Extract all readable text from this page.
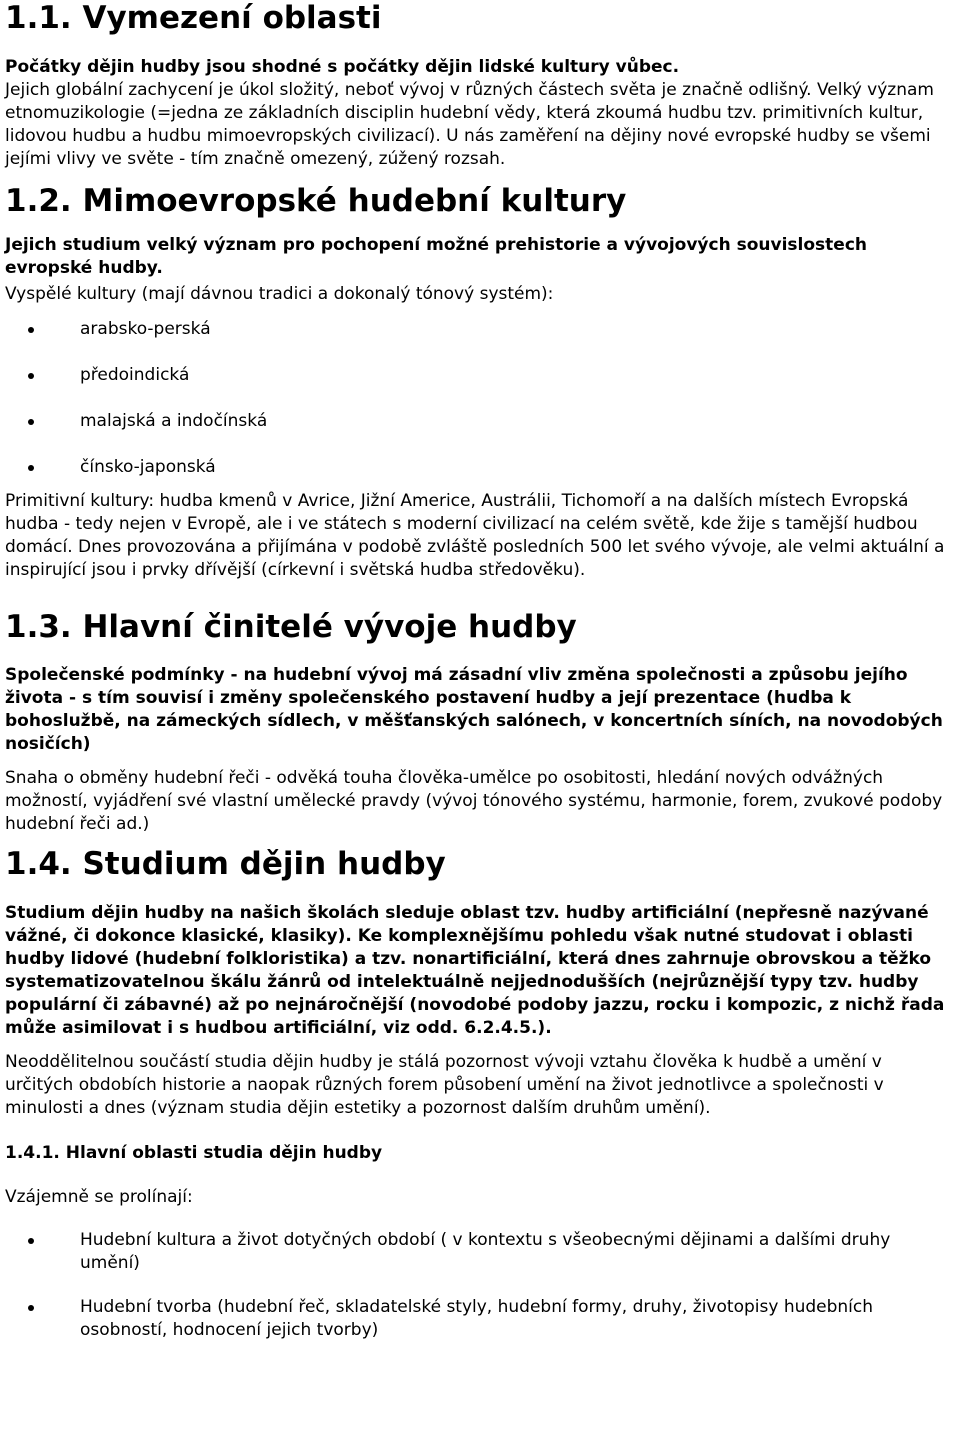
1.1. Vymezení oblasti

Počátky dějin hudby jsou shodné s počátky dějin lidské kultury vůbec.

Jejich globální zachycení je úkol složitý, neboť vývoj v různých částech světa je značně odlišný. Velký význam etnomuzikologie (=jedna ze základních disciplin hudební vědy, která zkoumá hudbu tzv. primitivních kultur, lidovou hudbu a hudbu mimoevropských civilizací). U nás zaměření na dějiny nové evropské hudby se všemi jejími vlivy ve světe - tím značně omezený, zúžený rozsah.

1.2. Mimoevropské hudební kultury

Jejich studium velký význam pro pochopení možné prehistorie a vývojových souvislostech evropské hudby.

Vyspělé kultury (mají dávnou tradici a dokonalý tónový systém):

arabsko-perská
předoindická
malajská a indočínská
čínsko-japonská

Primitivní kultury: hudba kmenů v Avrice, Jižní Americe, Austrálii, Tichomoří a na dalších místech Evropská hudba - tedy nejen v Evropě, ale i ve státech s moderní civilizací na celém světě, kde žije s tamější hudbou domácí. Dnes provozována a přijímána v podobě zvláště posledních 500 let svého vývoje, ale velmi aktuální a inspirující jsou i prvky dřívější (církevní i světská hudba středověku).

1.3. Hlavní činitelé vývoje hudby

Společenské podmínky - na hudební vývoj má zásadní vliv změna společnosti a způsobu jejího života - s tím souvisí i změny společenského postavení hudby a její prezentace (hudba k bohoslužbě, na zámeckých sídlech, v měšťanských salónech, v koncertních síních, na novodobých nosičích)

Snaha o obměny hudební řeči - odvěká touha člověka-umělce po osobitosti, hledání nových odvážných možností, vyjádření své vlastní umělecké pravdy (vývoj tónového systému, harmonie, forem, zvukové podoby hudební řeči ad.)

1.4. Studium dějin hudby

Studium dějin hudby na našich školách sleduje oblast tzv. hudby artificiální (nepřesně nazývané vážné, či dokonce klasické, klasiky). Ke komplexnějšímu pohledu však nutné studovat i oblasti hudby lidové (hudební folkloristika) a tzv. nonartificiální, která dnes zahrnuje obrovskou a těžko systematizovatelnou škálu žánrů od intelektuálně nejjednodušších (nejrůznější typy tzv. hudby populární či zábavné) až po nejnáročnější (novodobé podoby jazzu, rocku i kompozic, z nichž řada může asimilovat i s hudbou artificiální, viz odd. 6.2.4.5.).

Neoddělitelnou součástí studia dějin hudby je stálá pozornost vývoji vztahu člověka k hudbě a umění v určitých obdobích historie a naopak různých forem působení umění na život jednotlivce a společnosti v minulosti a dnes (význam studia dějin estetiky a pozornost dalším druhům umění).

1.4.1. Hlavní oblasti studia dějin hudby

Vzájemně se prolínají:

Hudební kultura a život dotyčných období ( v kontextu s všeobecnými dějinami a dalšími druhy umění)
Hudební tvorba (hudební řeč, skladatelské styly, hudební formy, druhy, životopisy hudebních osobností, hodnocení jejich tvorby)
